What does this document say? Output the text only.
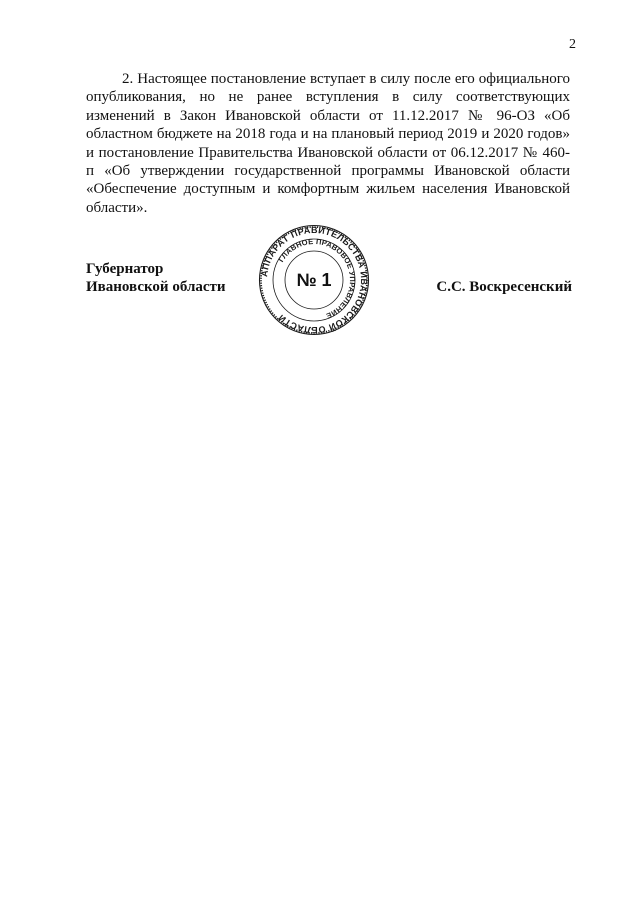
2
2. Настоящее постановление вступает в силу после его официального опубликования, но не ранее вступления в силу соответствующих изменений в Закон Ивановской области от 11.12.2017 № 96-ОЗ «Об областном бюджете на 2018 года и на плановый период 2019 и 2020 годов» и постановление Правительства Ивановской области от 06.12.2017 № 460-п «Об утверждении государственной программы Ивановской области «Обеспечение доступным и комфортным жильем населения Ивановской области».
Губернатор
Ивановской области
АППАРАТ ПРАВИТЕЛЬСТВА ИВАНОВСКОЙ ОБЛАСТИ
ГЛАВНОЕ ПРАВОВОЕ УПРАВЛЕНИЕ
№ 1	С.С. Воскресенский
